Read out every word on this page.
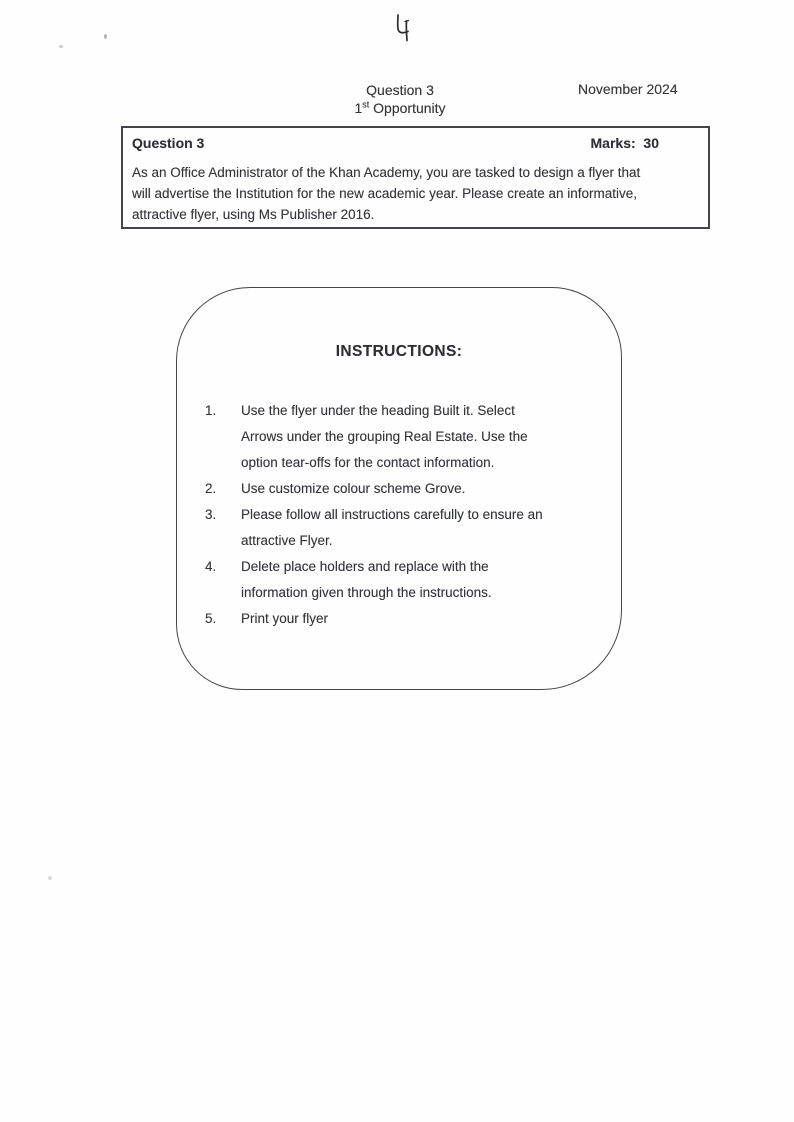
Question 3
1st Opportunity
November 2024
Question 3	Marks:  30
As an Office Administrator of the Khan Academy, you are tasked to design a flyer that
will advertise the Institution for the new academic year. Please create an informative,
attractive flyer, using Ms Publisher 2016.
INSTRUCTIONS:
1.	Use the flyer under the heading Built it. Select
Arrows under the grouping Real Estate. Use the
option tear-offs for the contact information.
2.	Use customize colour scheme Grove.
3.	Please follow all instructions carefully to ensure an
attractive Flyer.
4.	Delete place holders and replace with the
information given through the instructions.
5.	Print your flyer
